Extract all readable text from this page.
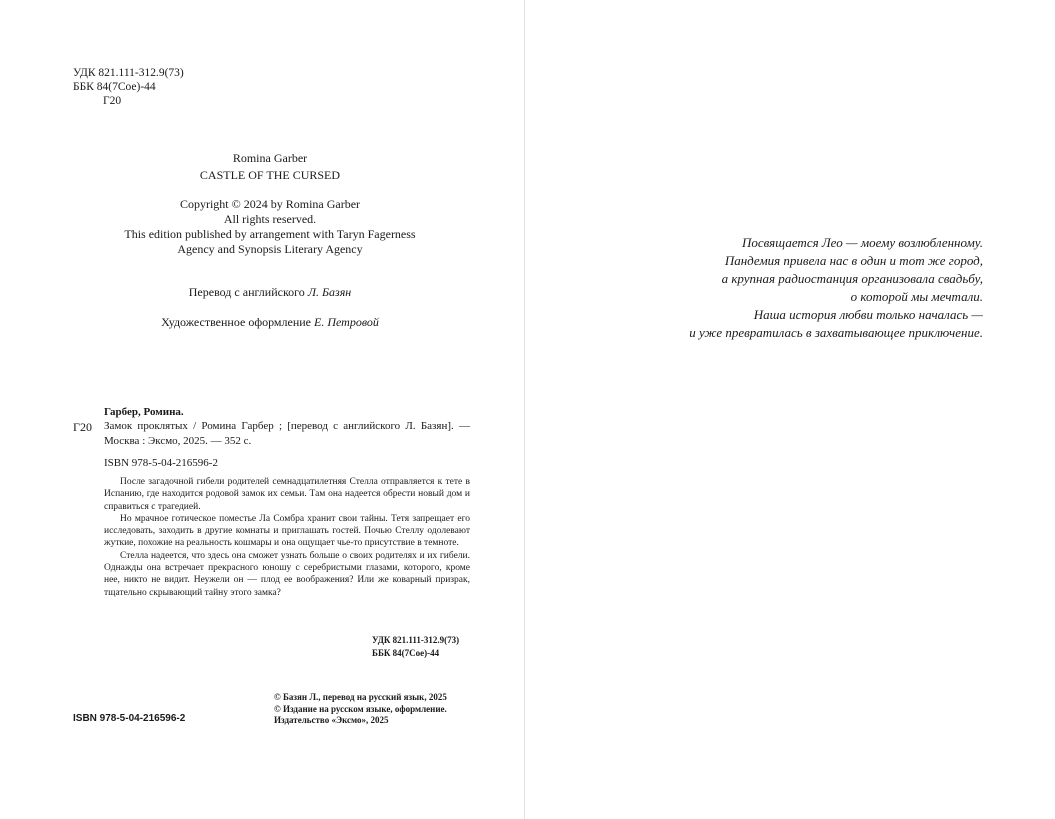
УДК 821.111-312.9(73)
ББК 84(7Сое)-44
Г20
Romina Garber
CASTLE OF THE CURSED
Copyright © 2024 by Romina Garber
All rights reserved.
This edition published by arrangement with Taryn Fagerness
Agency and Synopsis Literary Agency
Перевод с английского Л. Базян
Художественное оформление Е. Петровой
Г20
Гарбер, Ромина.
Замок проклятых / Ромина Гарбер ; [перевод с английского Л. Базян]. — Москва : Эксмо, 2025. — 352 с.
ISBN 978-5-04-216596-2

После загадочной гибели родителей семнадцатилетняя Стелла отправляется к тете в Испанию, где находится родовой замок их семьи. Там она надеется обрести новый дом и справиться с трагедией.

Но мрачное готическое поместье Ла Сомбра хранит свои тайны. Тетя запрещает его исследовать, заходить в другие комнаты и приглашать гостей. Почью Стеллу одолевают жуткие, похожие на реальность кошмары и она ощущает чье-то присутствие в темноте.

Стелла надеется, что здесь она сможет узнать больше о своих родителях и их гибели. Однажды она встречает прекрасного юношу с серебристыми глазами, которого, кроме нее, никто не видит. Неужели он — плод ее воображения? Или же коварный призрак, тщательно скрывающий тайну этого замка?

УДК 821.111-312.9(73)
ББК 84(7Сое)-44
© Базян Л., перевод на русский язык, 2025
© Издание на русском языке, оформление.
Издательство «Эксмо», 2025
ISBN 978-5-04-216596-2
Посвящается Лео — моему возлюбленному.
Пандемия привела нас в один и тот же город,
а крупная радиостанция организовала свадьбу,
о которой мы мечтали.
Наша история любви только началась —
и уже превратилась в захватывающее приключение.
